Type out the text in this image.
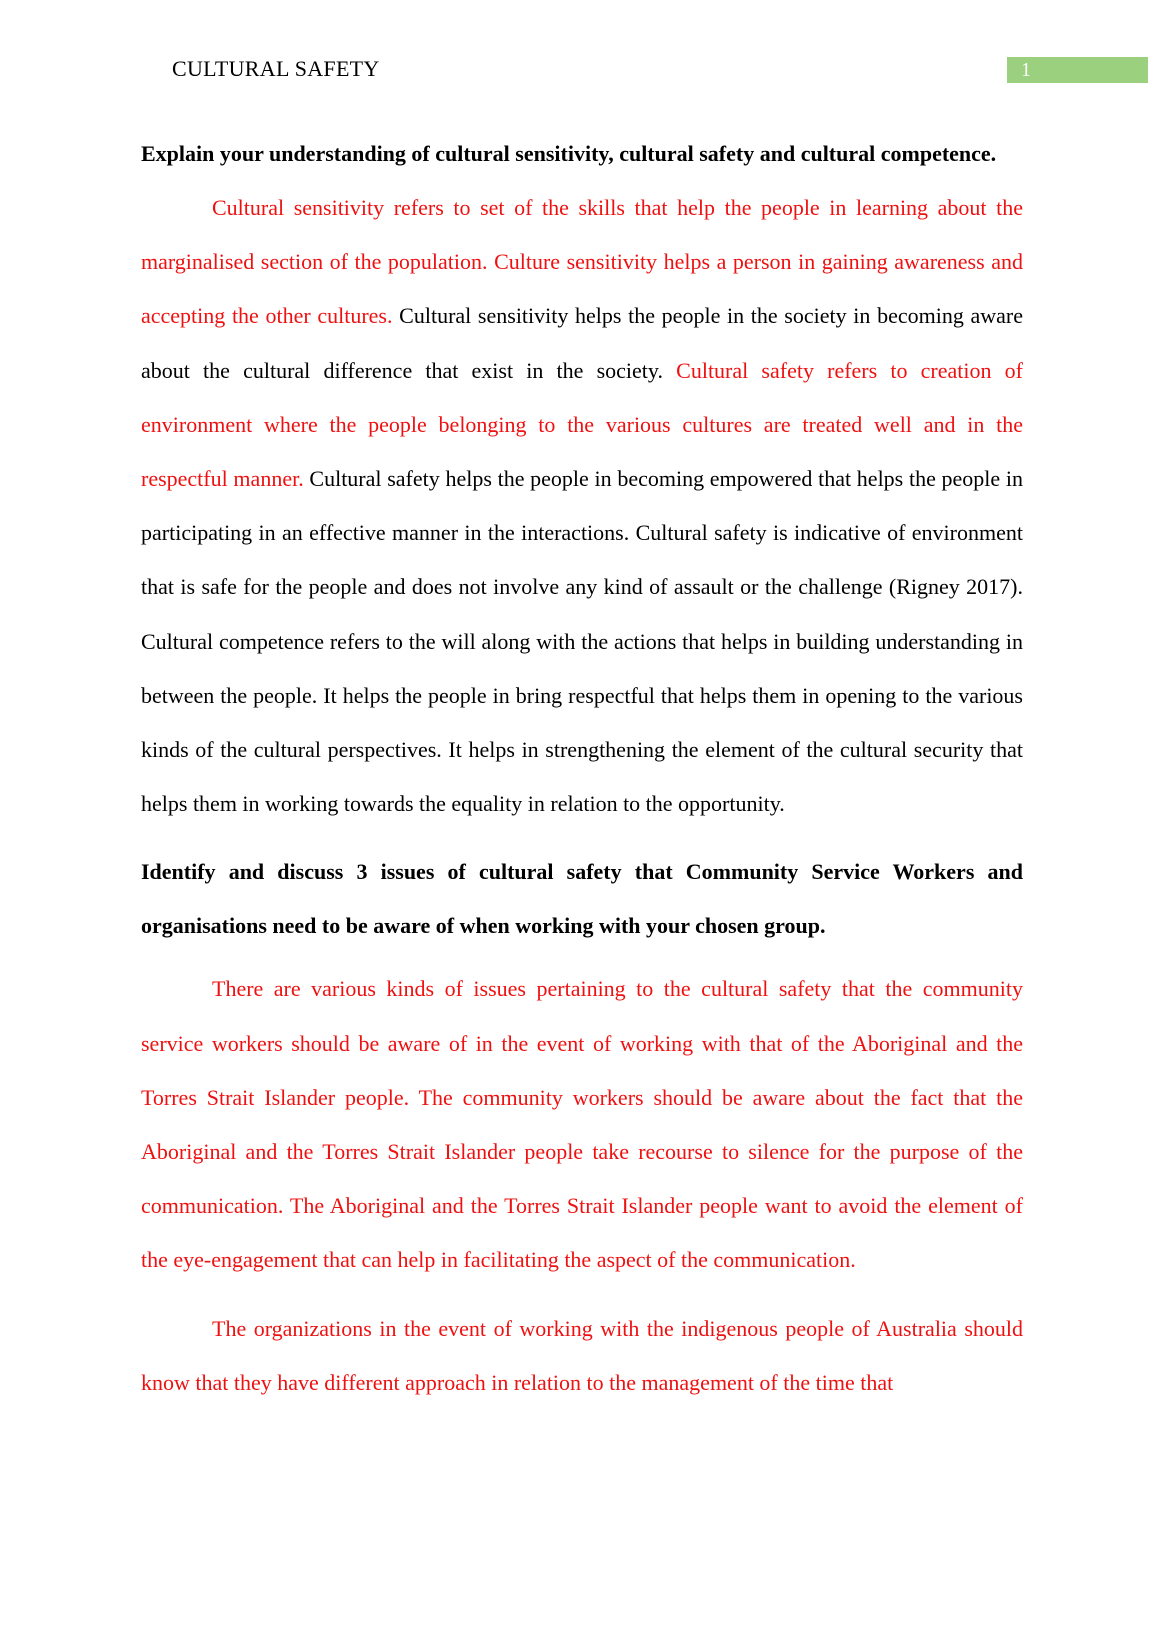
CULTURAL SAFETY	1

Explain your understanding of cultural sensitivity, cultural safety and cultural competence.

Cultural sensitivity refers to set of the skills that help the people in learning about the marginalised section of the population. Culture sensitivity helps a person in gaining awareness and accepting the other cultures. Cultural sensitivity helps the people in the society in becoming aware about the cultural difference that exist in the society. Cultural safety refers to creation of environment where the people belonging to the various cultures are treated well and in the respectful manner. Cultural safety helps the people in becoming empowered that helps the people in participating in an effective manner in the interactions. Cultural safety is indicative of environment that is safe for the people and does not involve any kind of assault or the challenge (Rigney 2017). Cultural competence refers to the will along with the actions that helps in building understanding in between the people. It helps the people in bring respectful that helps them in opening to the various kinds of the cultural perspectives. It helps in strengthening the element of the cultural security that helps them in working towards the equality in relation to the opportunity.

Identify and discuss 3 issues of cultural safety that Community Service Workers and organisations need to be aware of when working with your chosen group.

There are various kinds of issues pertaining to the cultural safety that the community service workers should be aware of in the event of working with that of the Aboriginal and the Torres Strait Islander people. The community workers should be aware about the fact that the Aboriginal and the Torres Strait Islander people take recourse to silence for the purpose of the communication. The Aboriginal and the Torres Strait Islander people want to avoid the element of the eye-engagement that can help in facilitating the aspect of the communication.

The organizations in the event of working with the indigenous people of Australia should know that they have different approach in relation to the management of the time that
